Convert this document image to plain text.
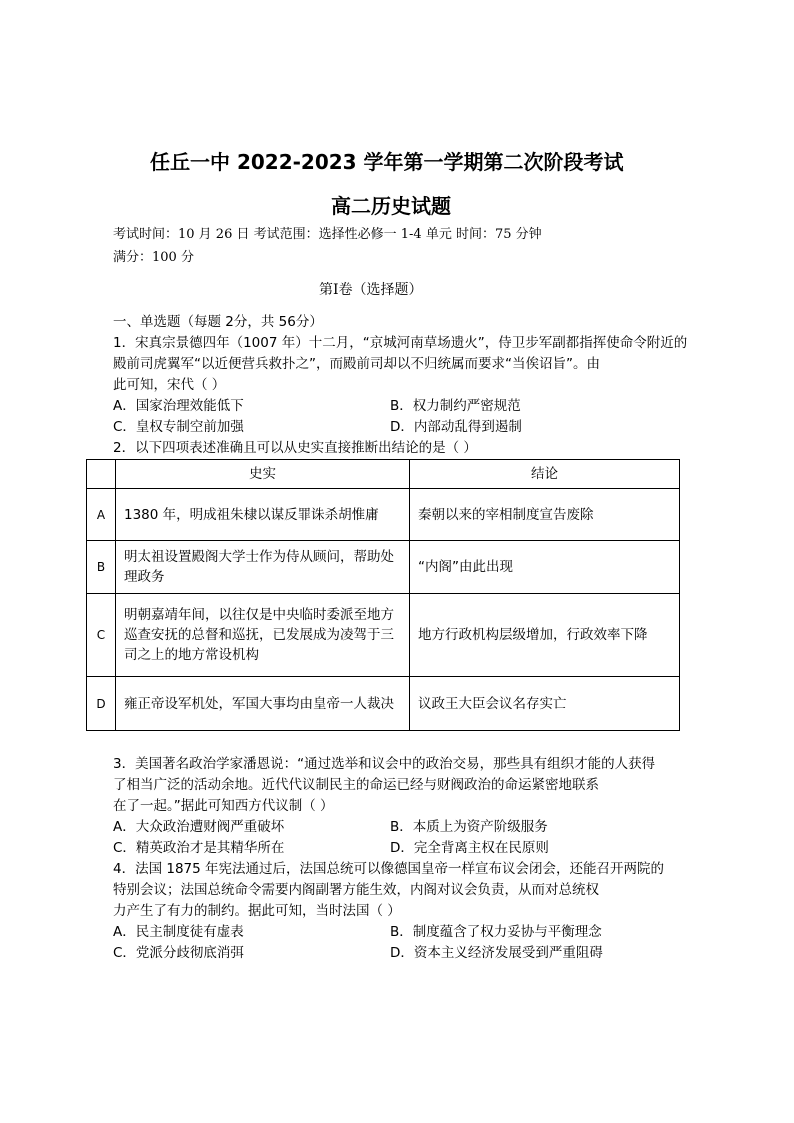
任丘一中 2022-2023 学年第一学期第二次阶段考试
高二历史试题
考试时间：10 月 26 日 考试范围：选择性必修一 1-4 单元 时间：75 分钟
满分：100 分
第Ⅰ卷（选择题）
一、单选题（每题 2分，共 56分）
1．宋真宗景德四年（1007 年）十二月，“京城河南草场遗火”，侍卫步军副都指挥使命令附近的
殿前司虎翼军“以近便营兵救扑之”，而殿前司却以不归统属而要求“当俟诏旨”。由
此可知，宋代（ ）
A．国家治理效能低下	B．权力制约严密规范
C．皇权专制空前加强	D．内部动乱得到遏制
2．以下四项表述准确且可以从史实直接推断出结论的是（ ）
	史实	结论
A	1380 年，明成祖朱棣以谋反罪诛杀胡惟庸	秦朝以来的宰相制度宣告废除
B	明太祖设置殿阁大学士作为侍从顾问，帮助处
理政务	“内阁”由此出现
C	明朝嘉靖年间，以往仅是中央临时委派至地方
巡查安抚的总督和巡抚，已发展成为凌驾于三
司之上的地方常设机构	地方行政机构层级增加，行政效率下降
D	雍正帝设军机处，军国大事均由皇帝一人裁决	议政王大臣会议名存实亡
3．美国著名政治学家潘恩说：“通过选举和议会中的政治交易，那些具有组织才能的人获得
了相当广泛的活动余地。近代代议制民主的命运已经与财阀政治的命运紧密地联系
在了一起。”据此可知西方代议制（ ）
A．大众政治遭财阀严重破坏	B．本质上为资产阶级服务
C．精英政治才是其精华所在	D．完全背离主权在民原则
4．法国 1875 年宪法通过后，法国总统可以像德国皇帝一样宣布议会闭会，还能召开两院的
特别会议；法国总统命令需要内阁副署方能生效，内阁对议会负责，从而对总统权
力产生了有力的制约。据此可知，当时法国（ ）
A．民主制度徒有虚表	B．制度蕴含了权力妥协与平衡理念
C．党派分歧彻底消弭	D．资本主义经济发展受到严重阻碍
